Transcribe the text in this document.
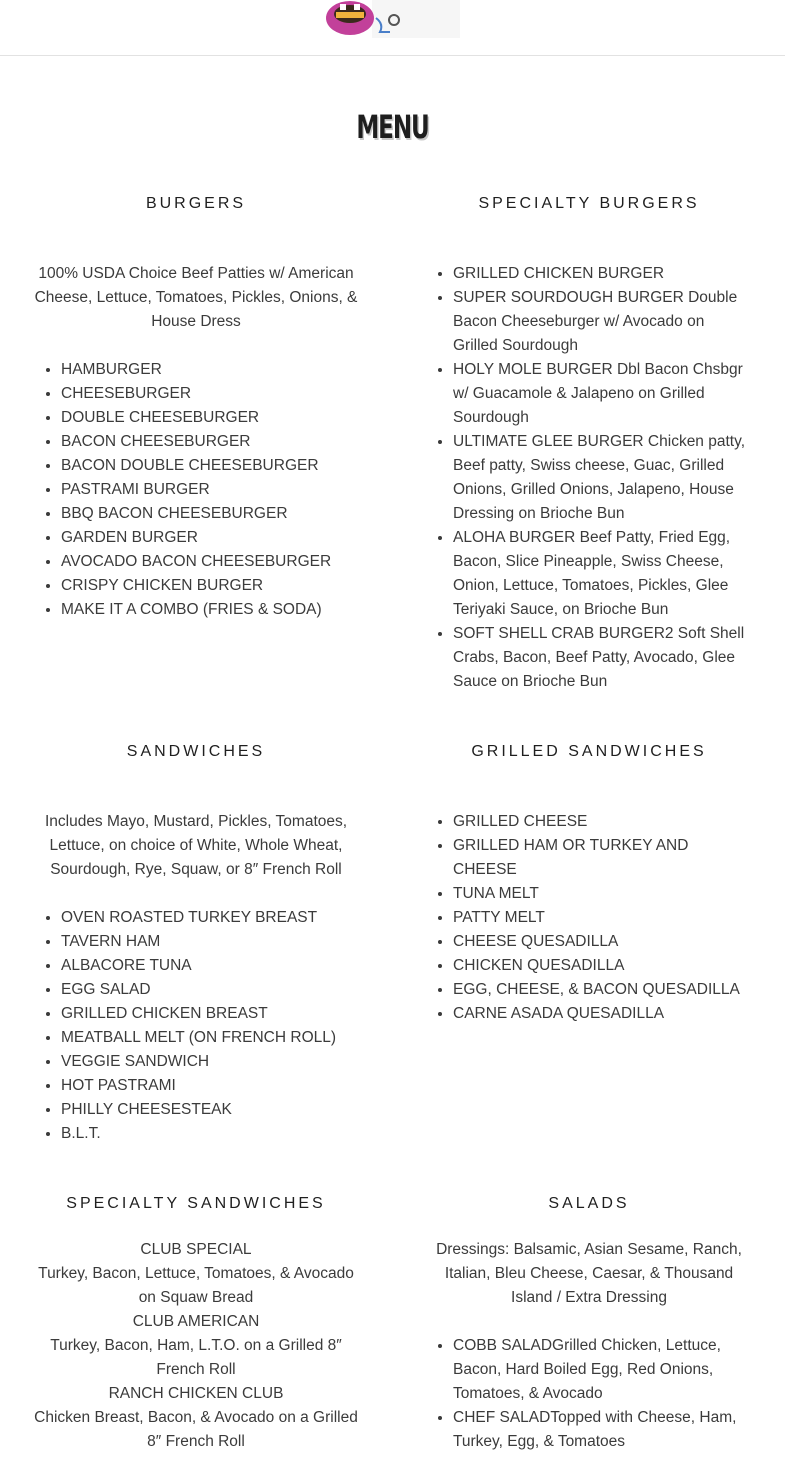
MENU
BURGERS
100% USDA Choice Beef Patties w/ American Cheese, Lettuce, Tomatoes, Pickles, Onions, & House Dress
• HAMBURGER
• CHEESEBURGER
• DOUBLE CHEESEBURGER
• BACON CHEESEBURGER
• BACON DOUBLE CHEESEBURGER
• PASTRAMI BURGER
• BBQ BACON CHEESEBURGER
• GARDEN BURGER
• AVOCADO BACON CHEESEBURGER
• CRISPY CHICKEN BURGER
• MAKE IT A COMBO (FRIES & SODA)
SPECIALTY BURGERS
• GRILLED CHICKEN BURGER
• SUPER SOURDOUGH BURGER Double Bacon Cheeseburger w/ Avocado on Grilled Sourdough
• HOLY MOLE BURGER Dbl Bacon Chsbgr w/ Guacamole & Jalapeno on Grilled Sourdough
• ULTIMATE GLEE BURGER Chicken patty, Beef patty, Swiss cheese, Guac, Grilled Onions, Grilled Onions, Jalapeno, House Dressing on Brioche Bun
• ALOHA BURGER Beef Patty, Fried Egg, Bacon, Slice Pineapple, Swiss Cheese, Onion, Lettuce, Tomatoes, Pickles, Glee Teriyaki Sauce, on Brioche Bun
• SOFT SHELL CRAB BURGER2 Soft Shell Crabs, Bacon, Beef Patty, Avocado, Glee Sauce on Brioche Bun
SANDWICHES
Includes Mayo, Mustard, Pickles, Tomatoes, Lettuce, on choice of White, Whole Wheat, Sourdough, Rye, Squaw, or 8″ French Roll
• OVEN ROASTED TURKEY BREAST
• TAVERN HAM
• ALBACORE TUNA
• EGG SALAD
• GRILLED CHICKEN BREAST
• MEATBALL MELT (ON FRENCH ROLL)
• VEGGIE SANDWICH
• HOT PASTRAMI
• PHILLY CHEESESTEAK
• B.L.T.
GRILLED SANDWICHES
• GRILLED CHEESE
• GRILLED HAM OR TURKEY AND CHEESE
• TUNA MELT
• PATTY MELT
• CHEESE QUESADILLA
• CHICKEN QUESADILLA
• EGG, CHEESE, & BACON QUESADILLA
• CARNE ASADA QUESADILLA
SPECIALTY SANDWICHES
CLUB SPECIAL
Turkey, Bacon, Lettuce, Tomatoes, & Avocado on Squaw Bread
CLUB AMERICAN
Turkey, Bacon, Ham, L.T.O. on a Grilled 8″ French Roll
RANCH CHICKEN CLUB
Chicken Breast, Bacon, & Avocado on a Grilled 8″ French Roll
SALADS
Dressings: Balsamic, Asian Sesame, Ranch, Italian, Bleu Cheese, Caesar, & Thousand Island / Extra Dressing
• COBB SALADGrilled Chicken, Lettuce, Bacon, Hard Boiled Egg, Red Onions, Tomatoes, & Avocado
• CHEF SALADTopped with Cheese, Ham, Turkey, Egg, & Tomatoes
